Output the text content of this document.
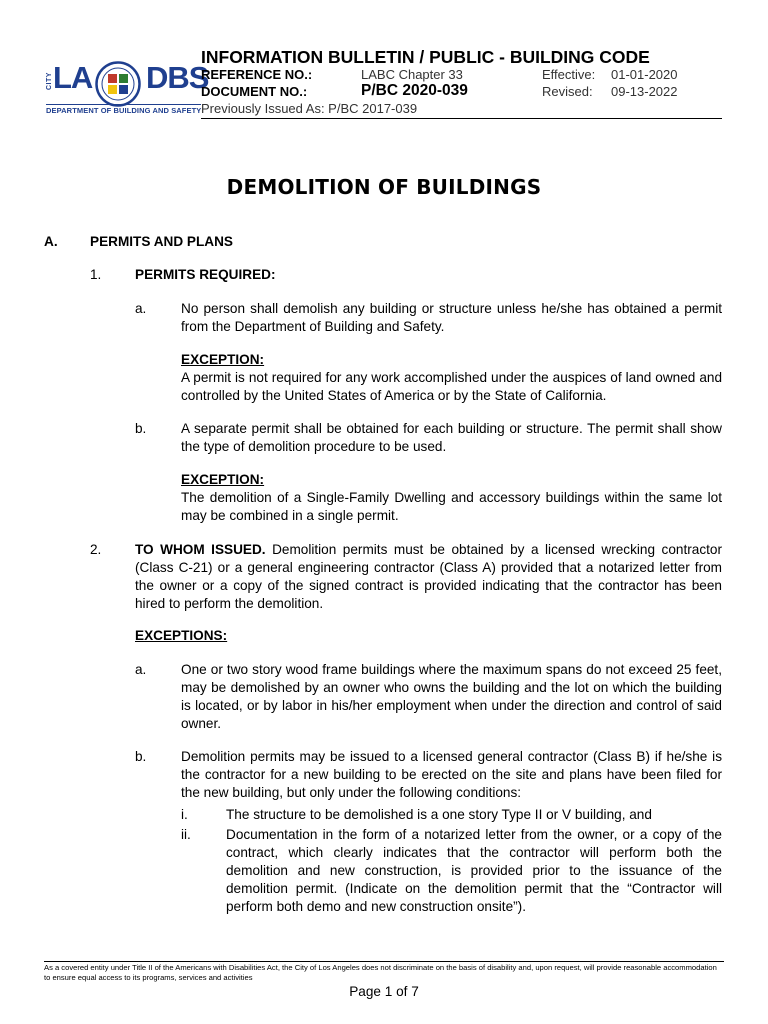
CITY LA DBS
DEPARTMENT OF BUILDING AND SAFETY
INFORMATION BULLETIN / PUBLIC - BUILDING CODE
REFERENCE NO.:	LABC Chapter 33	Effective: 01-01-2020
DOCUMENT NO.:	P/BC 2020-039	Revised: 09-13-2022
Previously Issued As: P/BC 2017-039
DEMOLITION OF BUILDINGS
A. PERMITS AND PLANS
1. PERMITS REQUIRED:
a.	No person shall demolish any building or structure unless he/she has obtained a permit from the Department of Building and Safety.
EXCEPTION:
A permit is not required for any work accomplished under the auspices of land owned and controlled by the United States of America or by the State of California.
b.	A separate permit shall be obtained for each building or structure. The permit shall show the type of demolition procedure to be used.
EXCEPTION:
The demolition of a Single-Family Dwelling and accessory buildings within the same lot may be combined in a single permit.
2. TO WHOM ISSUED. Demolition permits must be obtained by a licensed wrecking contractor (Class C-21) or a general engineering contractor (Class A) provided that a notarized letter from the owner or a copy of the signed contract is provided indicating that the contractor has been hired to perform the demolition.
EXCEPTIONS:
a.	One or two story wood frame buildings where the maximum spans do not exceed 25 feet, may be demolished by an owner who owns the building and the lot on which the building is located, or by labor in his/her employment when under the direction and control of said owner.
b.	Demolition permits may be issued to a licensed general contractor (Class B) if he/she is the contractor for a new building to be erected on the site and plans have been filed for the new building, but only under the following conditions:
i.	The structure to be demolished is a one story Type II or V building, and
ii.	Documentation in the form of a notarized letter from the owner, or a copy of the contract, which clearly indicates that the contractor will perform both the demolition and new construction, is provided prior to the issuance of the demolition permit. (Indicate on the demolition permit that the “Contractor will perform both demo and new construction onsite”).
As a covered entity under Title II of the Americans with Disabilities Act, the City of Los Angeles does not discriminate on the basis of disability and, upon request, will provide reasonable accommodation to ensure equal access to its programs, services and activities
Page 1 of 7
